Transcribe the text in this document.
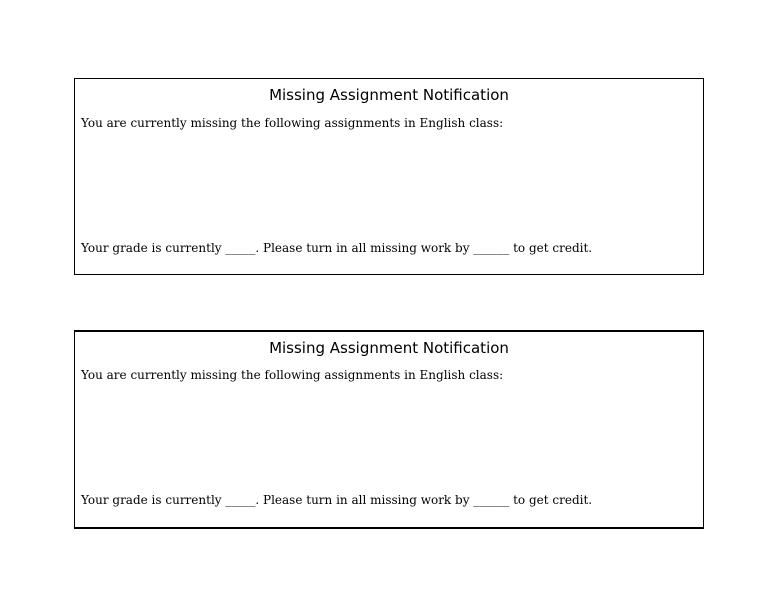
Missing Assignment Notification
You are currently missing the following assignments in English class:
Your grade is currently _____. Please turn in all missing work by ______ to get credit.
Missing Assignment Notification
You are currently missing the following assignments in English class:
Your grade is currently _____. Please turn in all missing work by ______ to get credit.
